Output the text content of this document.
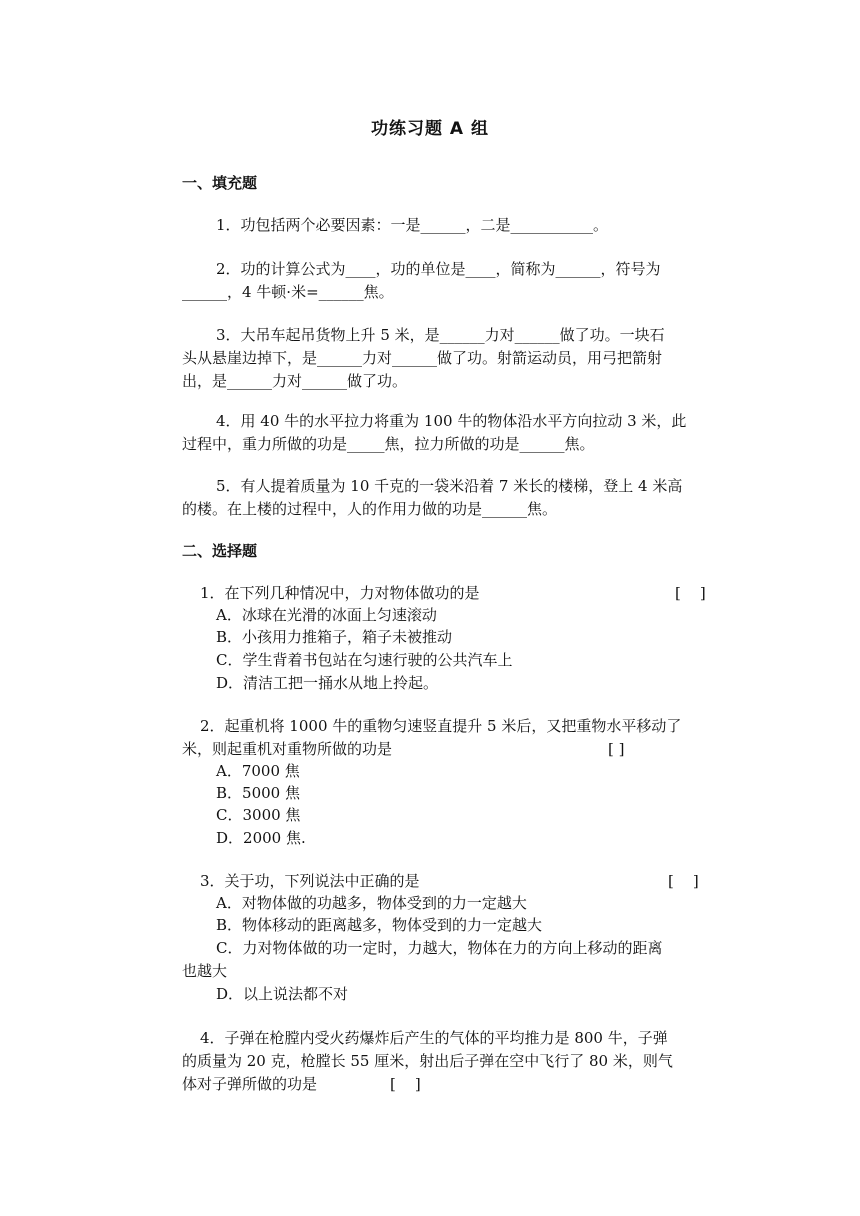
功练习题 A 组
一、填充题
1．功包括两个必要因素：一是______，二是___________。
2．功的计算公式为____，功的单位是____，简称为______，符号为
______，4 牛顿·米=______焦。
3．大吊车起吊货物上升 5 米，是______力对______做了功。一块石
头从悬崖边掉下，是______力对______做了功。射箭运动员，用弓把箭射
出，是______力对______做了功。
4．用 40 牛的水平拉力将重为 100 牛的物体沿水平方向拉动 3 米，此
过程中，重力所做的功是_____焦，拉力所做的功是______焦。
5．有人提着质量为 10 千克的一袋米沿着 7 米长的楼梯，登上 4 米高
的楼。在上楼的过程中，人的作用力做的功是______焦。
二、选择题
1．在下列几种情况中，力对物体做功的是	[    ]
A．冰球在光滑的冰面上匀速滚动
B．小孩用力推箱子，箱子未被推动
C．学生背着书包站在匀速行驶的公共汽车上
D．清洁工把一捅水从地上拎起。
2．起重机将 1000 牛的重物匀速竖直提升 5 米后，又把重物水平移动了
米，则起重机对重物所做的功是	[ ]
A．7000 焦
B．5000 焦
C．3000 焦
D．2000 焦.
3．关于功，下列说法中正确的是	[    ]
A．对物体做的功越多，物体受到的力一定越大
B．物体移动的距离越多，物体受到的力一定越大
C．力对物体做的功一定时，力越大，物体在力的方向上移动的距离
也越大
D．以上说法都不对
4．子弹在枪膛内受火药爆炸后产生的气体的平均推力是 800 牛，子弹
的质量为 20 克，枪膛长 55 厘米，射出后子弹在空中飞行了 80 米，则气
体对子弹所做的功是	[    ]
